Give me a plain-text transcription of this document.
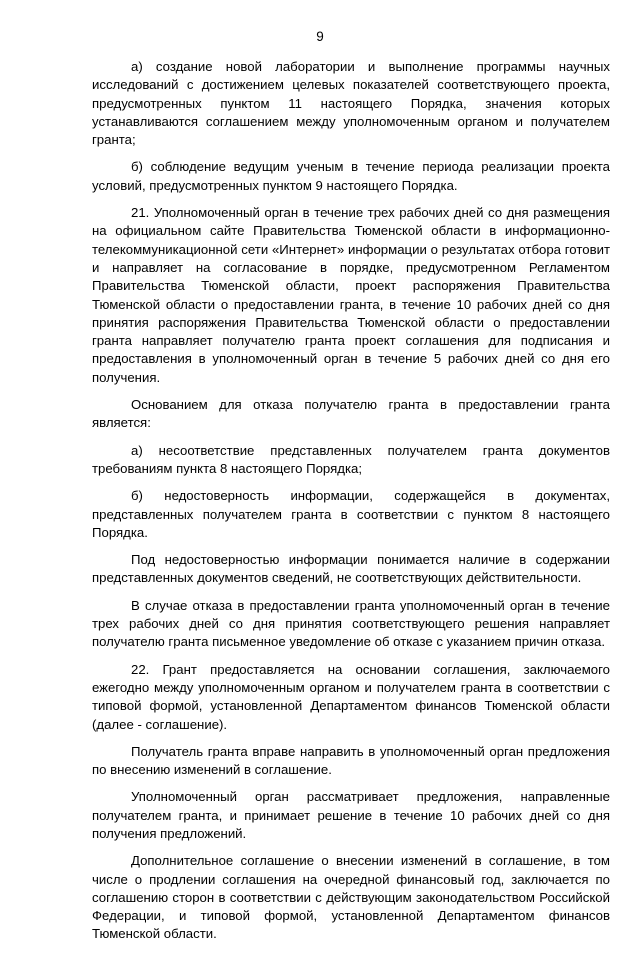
9

а) создание новой лаборатории и выполнение программы научных исследований с достижением целевых показателей соответствующего проекта, предусмотренных пунктом 11 настоящего Порядка, значения которых устанавливаются соглашением между уполномоченным органом и получателем гранта;

б) соблюдение ведущим ученым в течение периода реализации проекта условий, предусмотренных пунктом 9 настоящего Порядка.

21. Уполномоченный орган в течение трех рабочих дней со дня размещения на официальном сайте Правительства Тюменской области в информационно-телекоммуникационной сети «Интернет» информации о результатах отбора готовит и направляет на согласование в порядке, предусмотренном Регламентом Правительства Тюменской области, проект распоряжения Правительства Тюменской области о предоставлении гранта, в течение 10 рабочих дней со дня принятия распоряжения Правительства Тюменской области о предоставлении гранта направляет получателю гранта проект соглашения для подписания и предоставления в уполномоченный орган в течение 5 рабочих дней со дня его получения.

Основанием для отказа получателю гранта в предоставлении гранта является:

а) несоответствие представленных получателем гранта документов требованиям пункта 8 настоящего Порядка;

б) недостоверность информации, содержащейся в документах, представленных получателем гранта в соответствии с пунктом 8 настоящего Порядка.

Под недостоверностью информации понимается наличие в содержании представленных документов сведений, не соответствующих действительности.

В случае отказа в предоставлении гранта уполномоченный орган в течение трех рабочих дней со дня принятия соответствующего решения направляет получателю гранта письменное уведомление об отказе с указанием причин отказа.

22. Грант предоставляется на основании соглашения, заключаемого ежегодно между уполномоченным органом и получателем гранта в соответствии с типовой формой, установленной Департаментом финансов Тюменской области (далее - соглашение).

Получатель гранта вправе направить в уполномоченный орган предложения по внесению изменений в соглашение.

Уполномоченный орган рассматривает предложения, направленные получателем гранта, и принимает решение в течение 10 рабочих дней со дня получения предложений.

Дополнительное соглашение о внесении изменений в соглашение, в том числе о продлении соглашения на очередной финансовый год, заключается по соглашению сторон в соответствии с действующим законодательством Российской Федерации, и типовой формой, установленной Департаментом финансов Тюменской области.
